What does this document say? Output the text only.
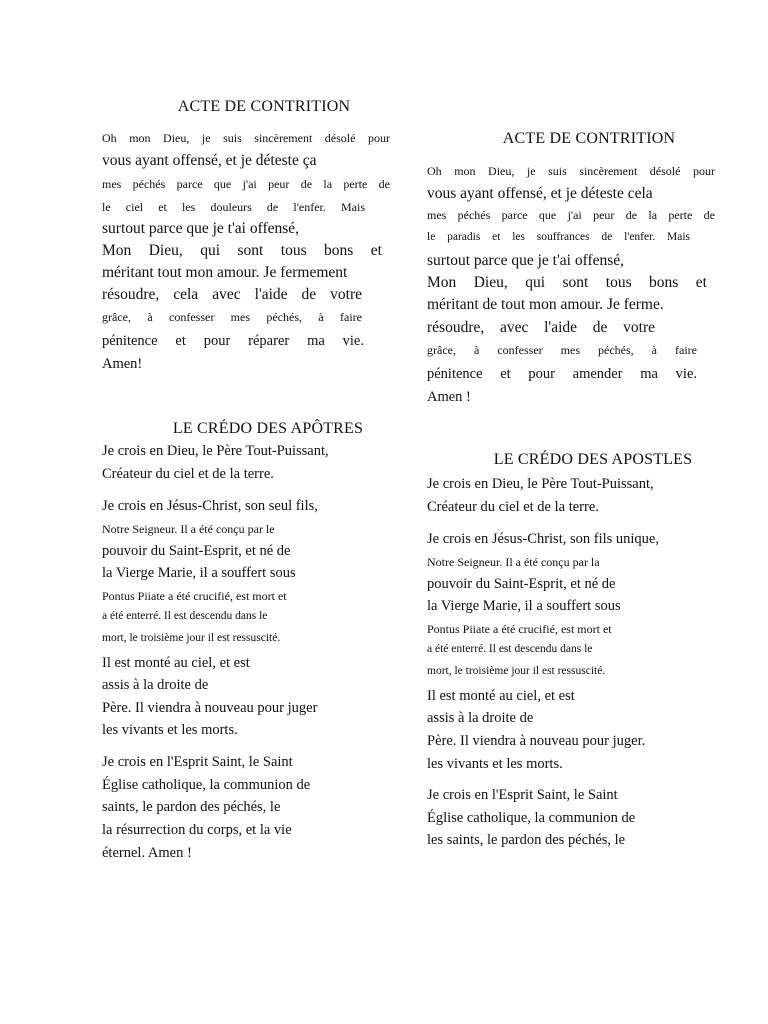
ACTE DE CONTRITION
Oh mon Dieu, je suis sincèrement désolé pour
vous ayant offensé, et je déteste ça
mes péchés parce que j'ai peur de la perte de
le ciel et les douleurs de l'enfer. Mais
surtout parce que je t'ai offensé,
Mon Dieu, qui sont tous bons et
méritant tout mon amour. Je fermement
résoudre, cela avec l'aide de votre
grâce, à confesser mes péchés, à faire
pénitence et pour réparer ma vie.
Amen!
LE CRÉDO DES APÔTRES
Je crois en Dieu, le Père Tout-Puissant,
Créateur du ciel et de la terre.
Je crois en Jésus-Christ, son seul fils,
Notre Seigneur. Il a été conçu par le
pouvoir du Saint-Esprit, et né de
la Vierge Marie, il a souffert sous
Pontus Piiate a été crucifié, est mort et
a été enterré. Il est descendu dans le
mort, le troisième jour il est ressuscité.
Il est monté au ciel, et est
assis à la droite de
Père. Il viendra à nouveau pour juger
les vivants et les morts.
Je crois en l'Esprit Saint, le Saint
Église catholique, la communion de
saints, le pardon des péchés, le
la résurrection du corps, et la vie
éternel. Amen !
ACTE DE CONTRITION
Oh mon Dieu, je suis sincèrement désolé pour
vous ayant offensé, et je déteste cela
mes péchés parce que j'ai peur de la perte de
le paradis et les souffrances de l'enfer. Mais
surtout parce que je t'ai offensé,
Mon Dieu, qui sont tous bons et
méritant de tout mon amour. Je ferme.
résoudre, avec l'aide de votre
grâce, à confesser mes péchés, à faire
pénitence et pour amender ma vie.
Amen !
LE CRÉDO DES APOSTLES
Je crois en Dieu, le Père Tout-Puissant,
Créateur du ciel et de la terre.
Je crois en Jésus-Christ, son fils unique,
Notre Seigneur. Il a été conçu par la
pouvoir du Saint-Esprit, et né de
la Vierge Marie, il a souffert sous
Pontus Piiate a été crucifié, est mort et
a été enterré. Il est descendu dans le
mort, le troisième jour il est ressuscité.
Il est monté au ciel, et est
assis à la droite de
Père. Il viendra à nouveau pour juger.
les vivants et les morts.
Je crois en l'Esprit Saint, le Saint
Église catholique, la communion de
les saints, le pardon des péchés, le
